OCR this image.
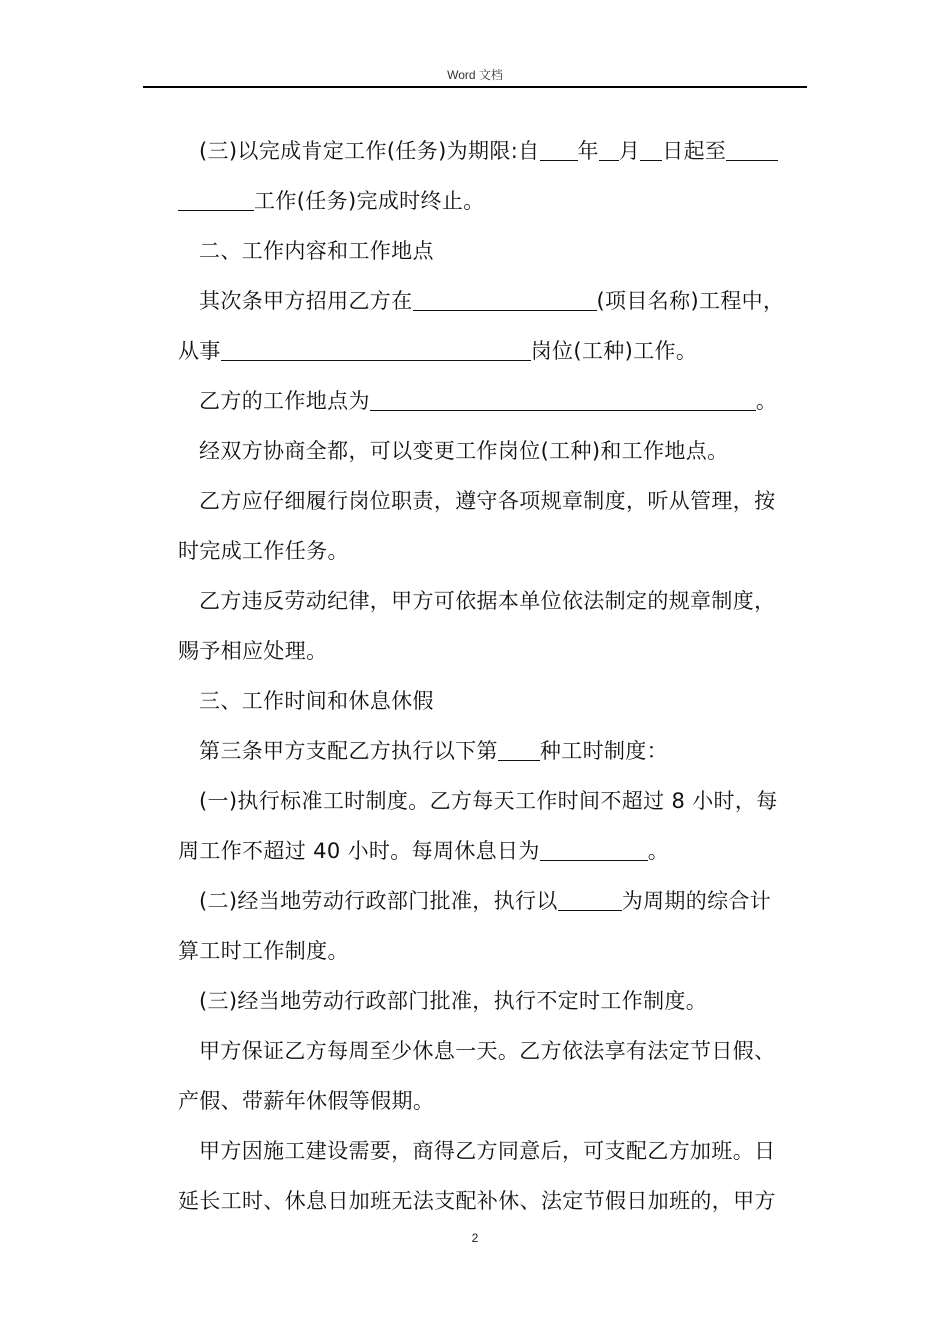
Word 文档
(三)以完成肯定工作(任务)为期限:自 年 月 日起至
工作(任务)完成时终止。
二、工作内容和工作地点
其次条甲方招用乙方在	(项目名称)工程中，
从事	岗位(工种)工作。
乙方的工作地点为	。
经双方协商全都，可以变更工作岗位(工种)和工作地点。
乙方应仔细履行岗位职责，遵守各项规章制度，听从管理，按
时完成工作任务。
乙方违反劳动纪律，甲方可依据本单位依法制定的规章制度，
赐予相应处理。
三、工作时间和休息休假
第三条甲方支配乙方执行以下第 种工时制度：
(一)执行标准工时制度。乙方每天工作时间不超过 8 小时，每
周工作不超过 40 小时。每周休息日为	。
(二)经当地劳动行政部门批准，执行以	为周期的综合计
算工时工作制度。
(三)经当地劳动行政部门批准，执行不定时工作制度。
甲方保证乙方每周至少休息一天。乙方依法享有法定节日假、
产假、带薪年休假等假期。
甲方因施工建设需要，商得乙方同意后，可支配乙方加班。日
延长工时、休息日加班无法支配补休、法定节假日加班的，甲方
2
